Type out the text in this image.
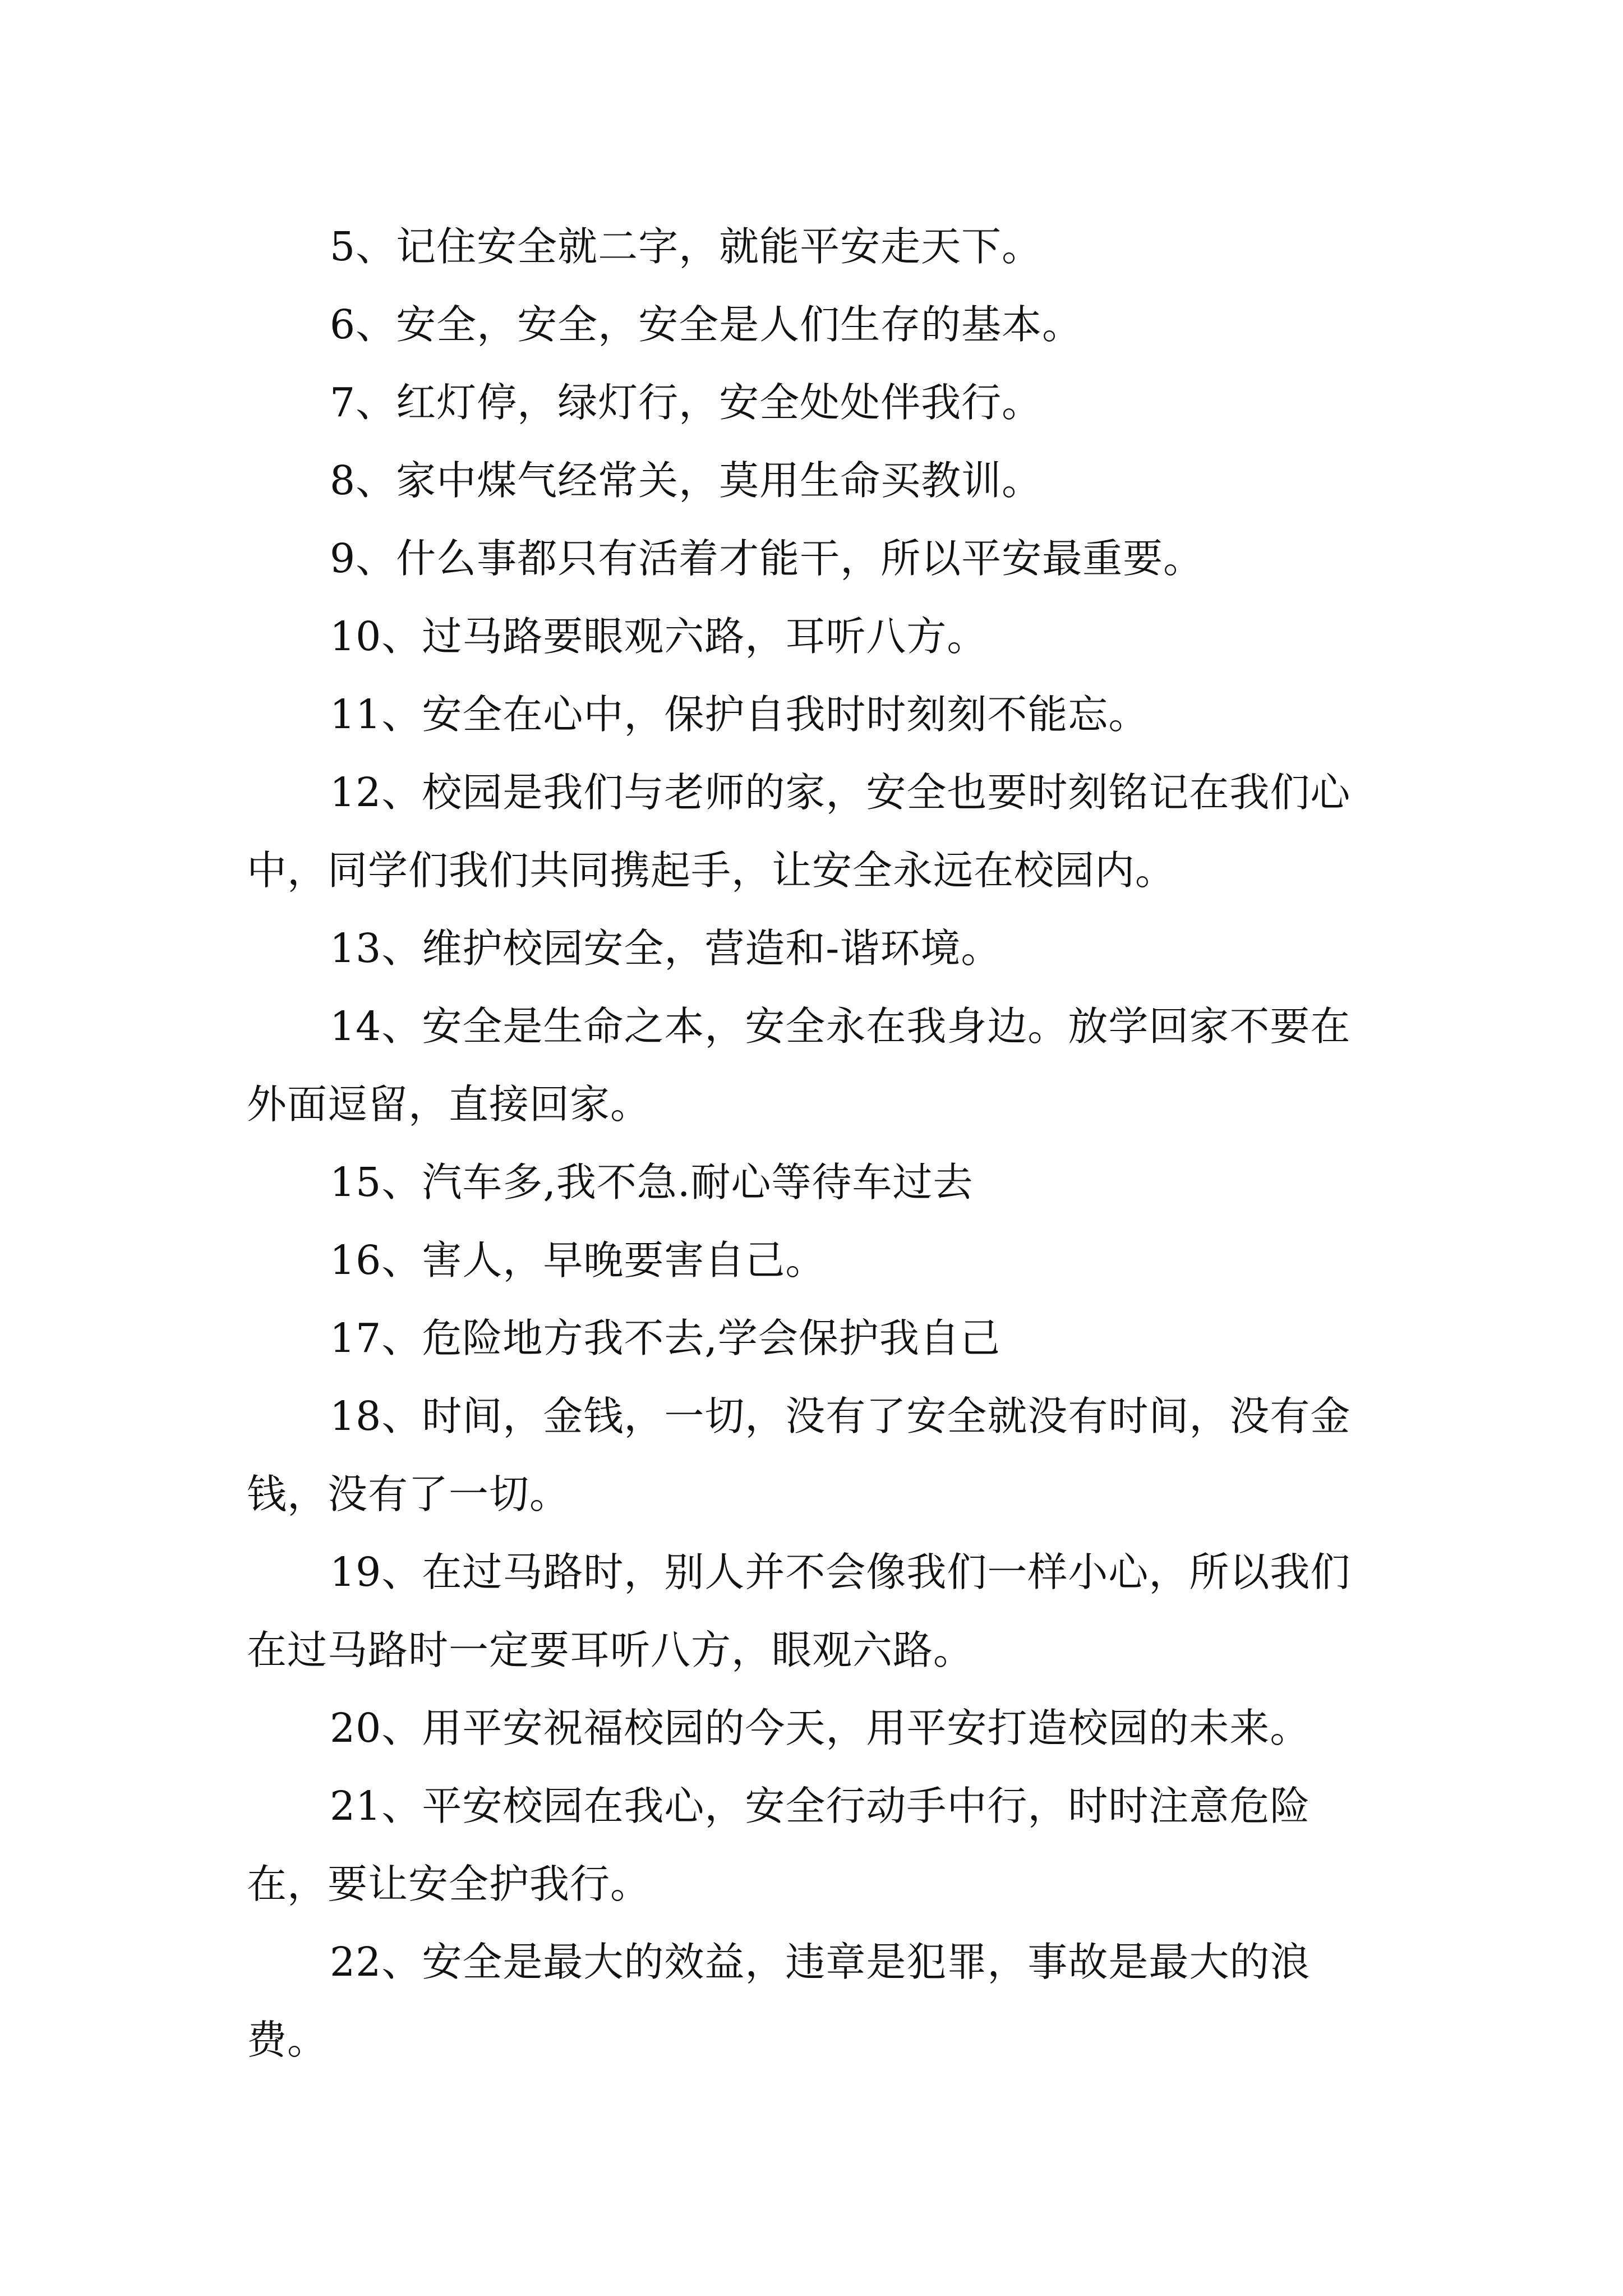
5、记住安全就二字，就能平安走天下。

6、安全，安全，安全是人们生存的基本。

7、红灯停，绿灯行，安全处处伴我行。

8、家中煤气经常关，莫用生命买教训。

9、什么事都只有活着才能干，所以平安最重要。

10、过马路要眼观六路，耳听八方。

11、安全在心中，保护自我时时刻刻不能忘。

12、校园是我们与老师的家，安全也要时刻铭记在我们心中，同学们我们共同携起手，让安全永远在校园内。

13、维护校园安全，营造和-谐环境。

14、安全是生命之本，安全永在我身边。放学回家不要在外面逗留，直接回家。

15、汽车多,我不急.耐心等待车过去

16、害人，早晚要害自己。

17、危险地方我不去,学会保护我自己

18、时间，金钱，一切，没有了安全就没有时间，没有金钱，没有了一切。

19、在过马路时，别人并不会像我们一样小心，所以我们在过马路时一定要耳听八方，眼观六路。

20、用平安祝福校园的今天，用平安打造校园的未来。

21、平安校园在我心，安全行动手中行，时时注意危险在，要让安全护我行。

22、安全是最大的效益，违章是犯罪，事故是最大的浪费。
